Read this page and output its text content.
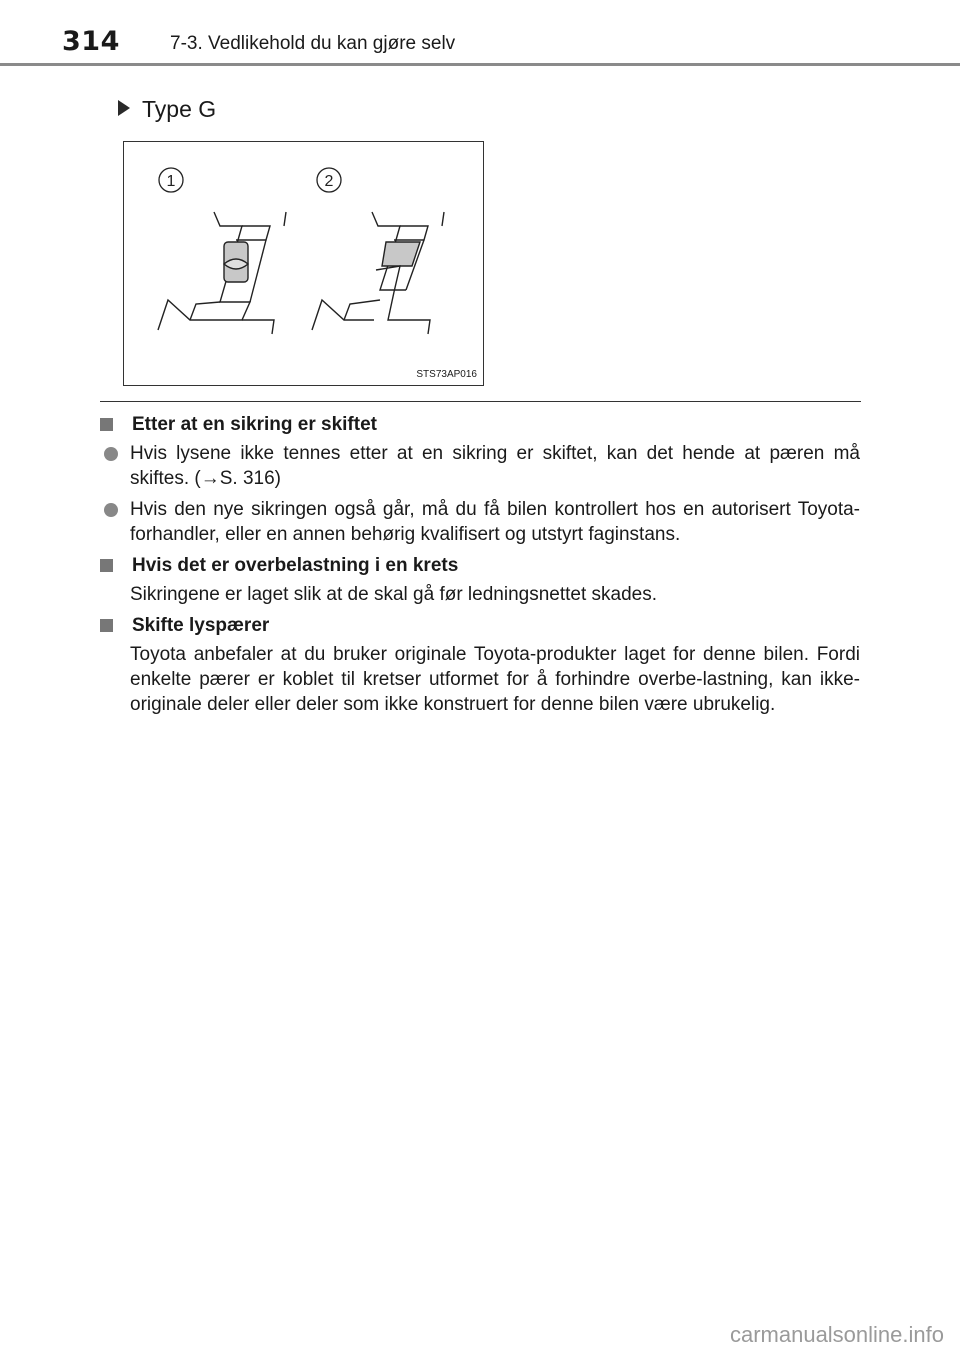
314	7-3. Vedlikehold du kan gjøre selv
Type G
1	2
STS73AP016
Etter at en sikring er skiftet
Hvis lysene ikke tennes etter at en sikring er skiftet, kan det hende at pæren må skiftes. (→S. 316)
Hvis den nye sikringen også går, må du få bilen kontrollert hos en autorisert Toyota-forhandler, eller en annen behørig kvalifisert og utstyrt faginstans.
Hvis det er overbelastning i en krets
Sikringene er laget slik at de skal gå før ledningsnettet skades.
Skifte lyspærer
Toyota anbefaler at du bruker originale Toyota-produkter laget for denne bilen. Fordi enkelte pærer er koblet til kretser utformet for å forhindre overbe-lastning, kan ikke-originale deler eller deler som ikke konstruert for denne bilen være ubrukelig.
carmanualsonline.info
